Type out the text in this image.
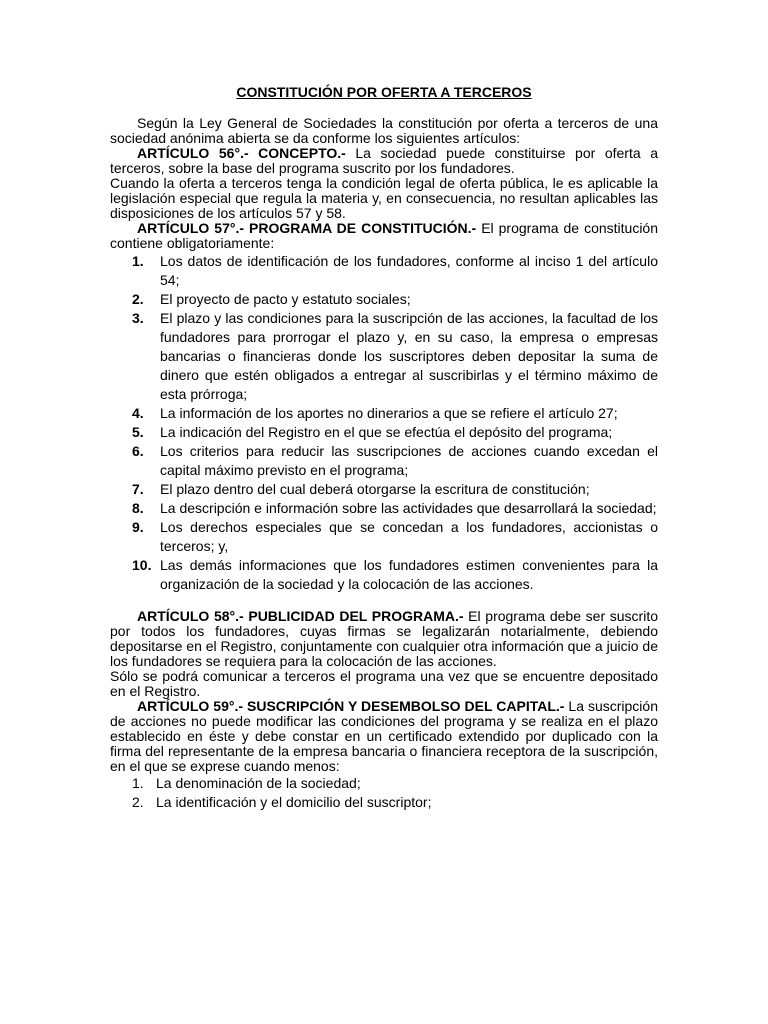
CONSTITUCIÓN POR OFERTA A TERCEROS

Según la Ley General de Sociedades la constitución por oferta a terceros de una sociedad anónima abierta se da conforme los siguientes artículos:

ARTÍCULO 56°.- CONCEPTO.- La sociedad puede constituirse por oferta a terceros, sobre la base del programa suscrito por los fundadores.

Cuando la oferta a terceros tenga la condición legal de oferta pública, le es aplicable la legislación especial que regula la materia y, en consecuencia, no resultan aplicables las disposiciones de los artículos 57 y 58.

ARTÍCULO 57°.- PROGRAMA DE CONSTITUCIÓN.- El programa de constitución contiene obligatoriamente:

1.	Los datos de identificación de los fundadores, conforme al inciso 1 del artículo 54;
2.	El proyecto de pacto y estatuto sociales;
3.	El plazo y las condiciones para la suscripción de las acciones, la facultad de los fundadores para prorrogar el plazo y, en su caso, la empresa o empresas bancarias o financieras donde los suscriptores deben depositar la suma de dinero que estén obligados a entregar al suscribirlas y el término máximo de esta prórroga;
4.	La información de los aportes no dinerarios a que se refiere el artículo 27;
5.	La indicación del Registro en el que se efectúa el depósito del programa;
6.	Los criterios para reducir las suscripciones de acciones cuando excedan el capital máximo previsto en el programa;
7.	El plazo dentro del cual deberá otorgarse la escritura de constitución;
8.	La descripción e información sobre las actividades que desarrollará la sociedad;
9.	Los derechos especiales que se concedan a los fundadores, accionistas o terceros; y,
10. Las demás informaciones que los fundadores estimen convenientes para la organización de la sociedad y la colocación de las acciones.

ARTÍCULO 58°.- PUBLICIDAD DEL PROGRAMA.- El programa debe ser suscrito por todos los fundadores, cuyas firmas se legalizarán notarialmente, debiendo depositarse en el Registro, conjuntamente con cualquier otra información que a juicio de los fundadores se requiera para la colocación de las acciones.

Sólo se podrá comunicar a terceros el programa una vez que se encuentre depositado en el Registro.

ARTÍCULO 59°.- SUSCRIPCIÓN Y DESEMBOLSO DEL CAPITAL.- La suscripción de acciones no puede modificar las condiciones del programa y se realiza en el plazo establecido en éste y debe constar en un certificado extendido por duplicado con la firma del representante de la empresa bancaria o financiera receptora de la suscripción, en el que se exprese cuando menos:

1. La denominación de la sociedad;
2. La identificación y el domicilio del suscriptor;
